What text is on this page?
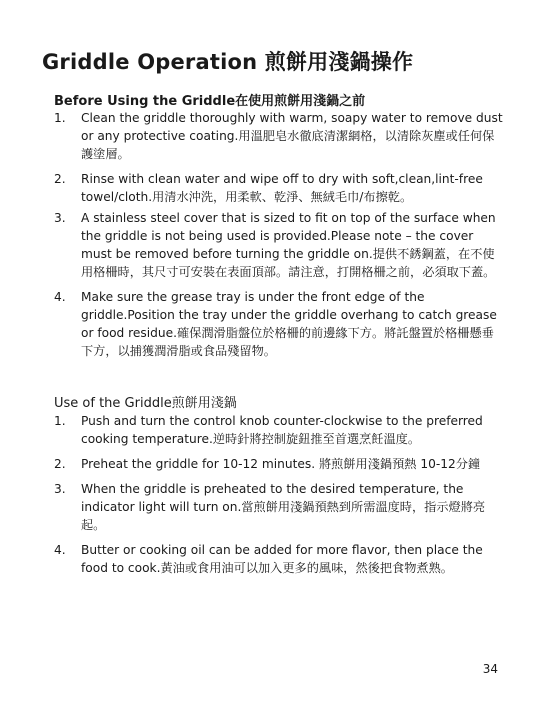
Griddle Operation 煎餅用淺鍋操作
Before Using the Griddle在使用煎餅用淺鍋之前
1. Clean the griddle thoroughly with warm, soapy water to remove dust or any protective coating.用溫肥皂水徹底清潔網格，以清除灰塵或任何保護塗層。
2. Rinse with clean water and wipe off to dry with soft,clean,lint-free towel/cloth.用清水沖洗，用柔軟、乾淨、無絨毛巾/布擦乾。
3. A stainless steel cover that is sized to fit on top of the surface when the griddle is not being used is provided.Please note – the cover must be removed before turning the griddle on.提供不銹鋼蓋，在不使用格柵時，其尺寸可安裝在表面頂部。請注意，打開格柵之前，必須取下蓋。
4. Make sure the grease tray is under the front edge of the griddle.Position the tray under the griddle overhang to catch grease or food residue.確保潤滑脂盤位於格柵的前邊緣下方。將託盤置於格柵懸垂下方，以捕獲潤滑脂或食品殘留物。
Use of the Griddle煎餅用淺鍋
1. Push and turn the control knob counter-clockwise to the preferred cooking temperature.逆時針將控制旋鈕推至首選烹飪溫度。
2. Preheat the griddle for 10-12 minutes. 將煎餅用淺鍋預熱 10-12分鐘
3. When the griddle is preheated to the desired temperature, the indicator light will turn on.當煎餅用淺鍋預熱到所需溫度時，指示燈將亮起。
4. Butter or cooking oil can be added for more flavor, then place the food to cook.黃油或食用油可以加入更多的風味，然後把食物煮熟。
34
